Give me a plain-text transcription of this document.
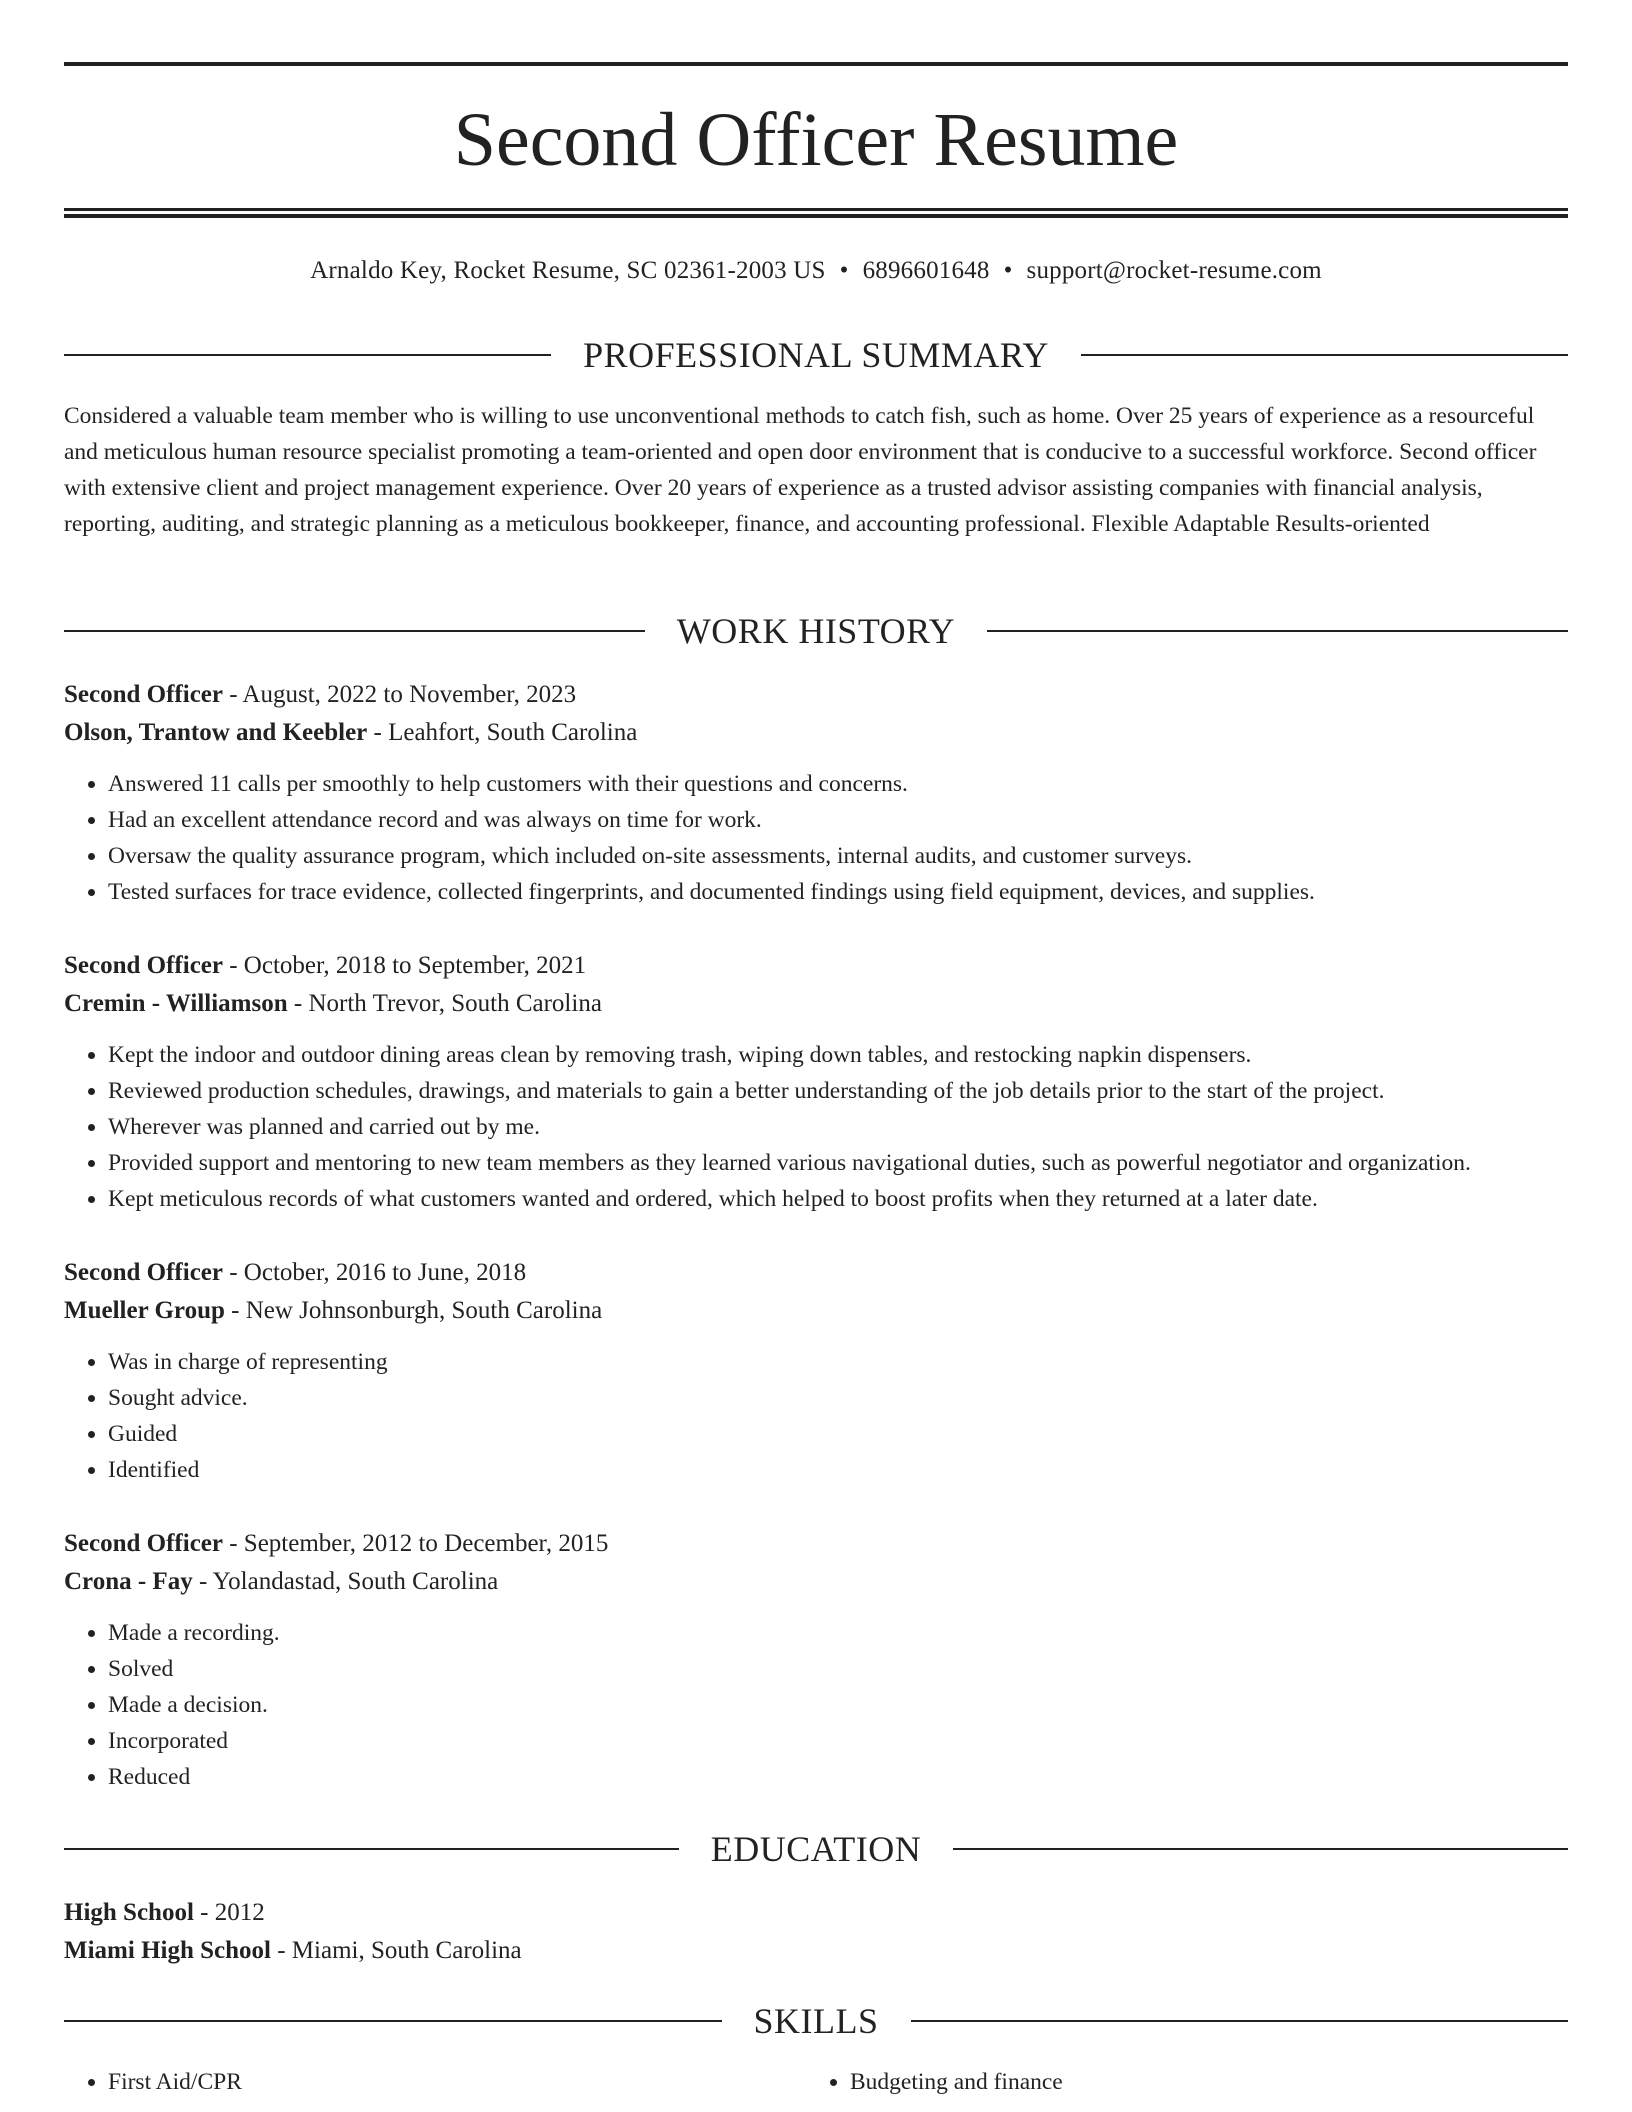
Second Officer Resume
Arnaldo Key, Rocket Resume, SC 02361-2003 US • 6896601648 • support@rocket-resume.com
PROFESSIONAL SUMMARY

Considered a valuable team member who is willing to use unconventional methods to catch fish, such as home. Over 25 years of experience as a resourceful and meticulous human resource specialist promoting a team-oriented and open door environment that is conducive to a successful workforce. Second officer with extensive client and project management experience. Over 20 years of experience as a trusted advisor assisting companies with financial analysis, reporting, auditing, and strategic planning as a meticulous bookkeeper, finance, and accounting professional. Flexible Adaptable Results-oriented

WORK HISTORY
Second Officer - August, 2022 to November, 2023
Olson, Trantow and Keebler - Leahfort, South Carolina
• Answered 11 calls per smoothly to help customers with their questions and concerns.
• Had an excellent attendance record and was always on time for work.
• Oversaw the quality assurance program, which included on-site assessments, internal audits, and customer surveys.
• Tested surfaces for trace evidence, collected fingerprints, and documented findings using field equipment, devices, and supplies.
Second Officer - October, 2018 to September, 2021
Cremin - Williamson - North Trevor, South Carolina
• Kept the indoor and outdoor dining areas clean by removing trash, wiping down tables, and restocking napkin dispensers.
• Reviewed production schedules, drawings, and materials to gain a better understanding of the job details prior to the start of the project.
• Wherever was planned and carried out by me.
• Provided support and mentoring to new team members as they learned various navigational duties, such as powerful negotiator and organization.
• Kept meticulous records of what customers wanted and ordered, which helped to boost profits when they returned at a later date.
Second Officer - October, 2016 to June, 2018
Mueller Group - New Johnsonburgh, South Carolina
• Was in charge of representing
• Sought advice.
• Guided
• Identified
Second Officer - September, 2012 to December, 2015
Crona - Fay - Yolandastad, South Carolina
• Made a recording.
• Solved
• Made a decision.
• Incorporated
• Reduced
EDUCATION
High School - 2012
Miami High School - Miami, South Carolina
SKILLS
• First Aid/CPR
•	Budgeting and finance
